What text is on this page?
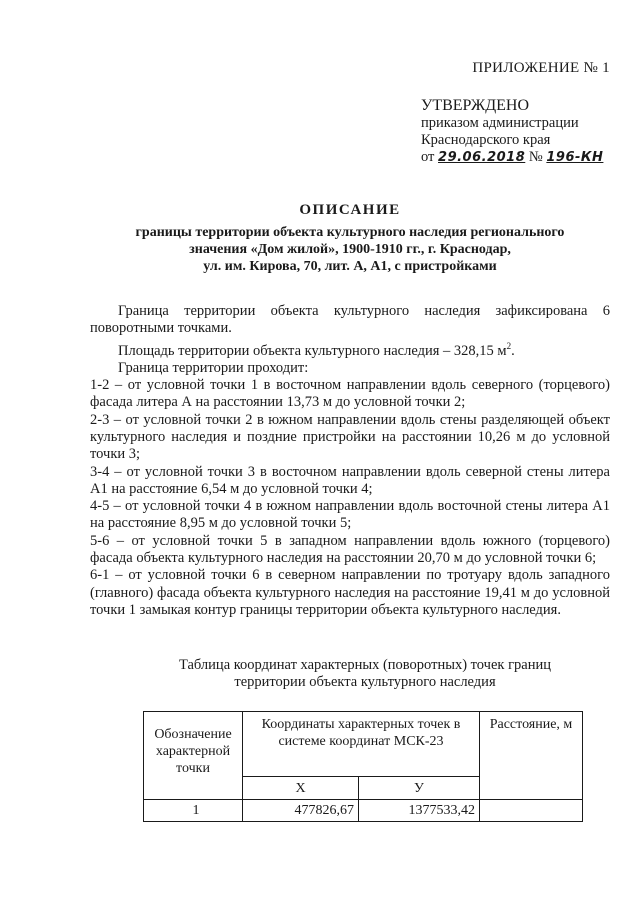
ПРИЛОЖЕНИЕ № 1
УТВЕРЖДЕНО
приказом администрации
Краснодарского края
от 29.06.2018 № 196-КН
ОПИСАНИЕ
границы территории объекта культурного наследия регионального
значения «Дом жилой», 1900-1910 гг., г. Краснодар,
ул. им. Кирова, 70, лит. А, А1, с пристройками

Граница территории объекта культурного наследия зафиксирована 6 поворотными точками.

Площадь территории объекта культурного наследия – 328,15 $м^2$.

Граница территории проходит:

1-2 – от условной точки 1 в восточном направлении вдоль северного (торцевого) фасада литера А на расстоянии 13,73 м до условной точки 2;

2-3 – от условной точки 2 в южном направлении вдоль стены разделяющей объект культурного наследия и поздние пристройки на расстоянии 10,26 м до условной точки 3;

3-4 – от условной точки 3 в восточном направлении вдоль северной стены литера А1 на расстояние 6,54 м до условной точки 4;

4-5 – от условной точки 4 в южном направлении вдоль восточной стены литера А1 на расстояние 8,95 м до условной точки 5;

5-6 – от условной точки 5 в западном направлении вдоль южного (торцевого) фасада объекта культурного наследия на расстоянии 20,70 м до условной точки 6;

6-1 – от условной точки 6 в северном направлении по тротуару вдоль западного (главного) фасада объекта культурного наследия на расстояние 19,41 м до условной точки 1 замыкая контур границы территории объекта культурного наследия.

Таблица координат характерных (поворотных) точек границ
территории объекта культурного наследия
Обозначение характерной точки	Координаты характерных точек в системе координат МСК-23		Расстояние, м
	Х	У	
1	477826,67	1377533,42	
